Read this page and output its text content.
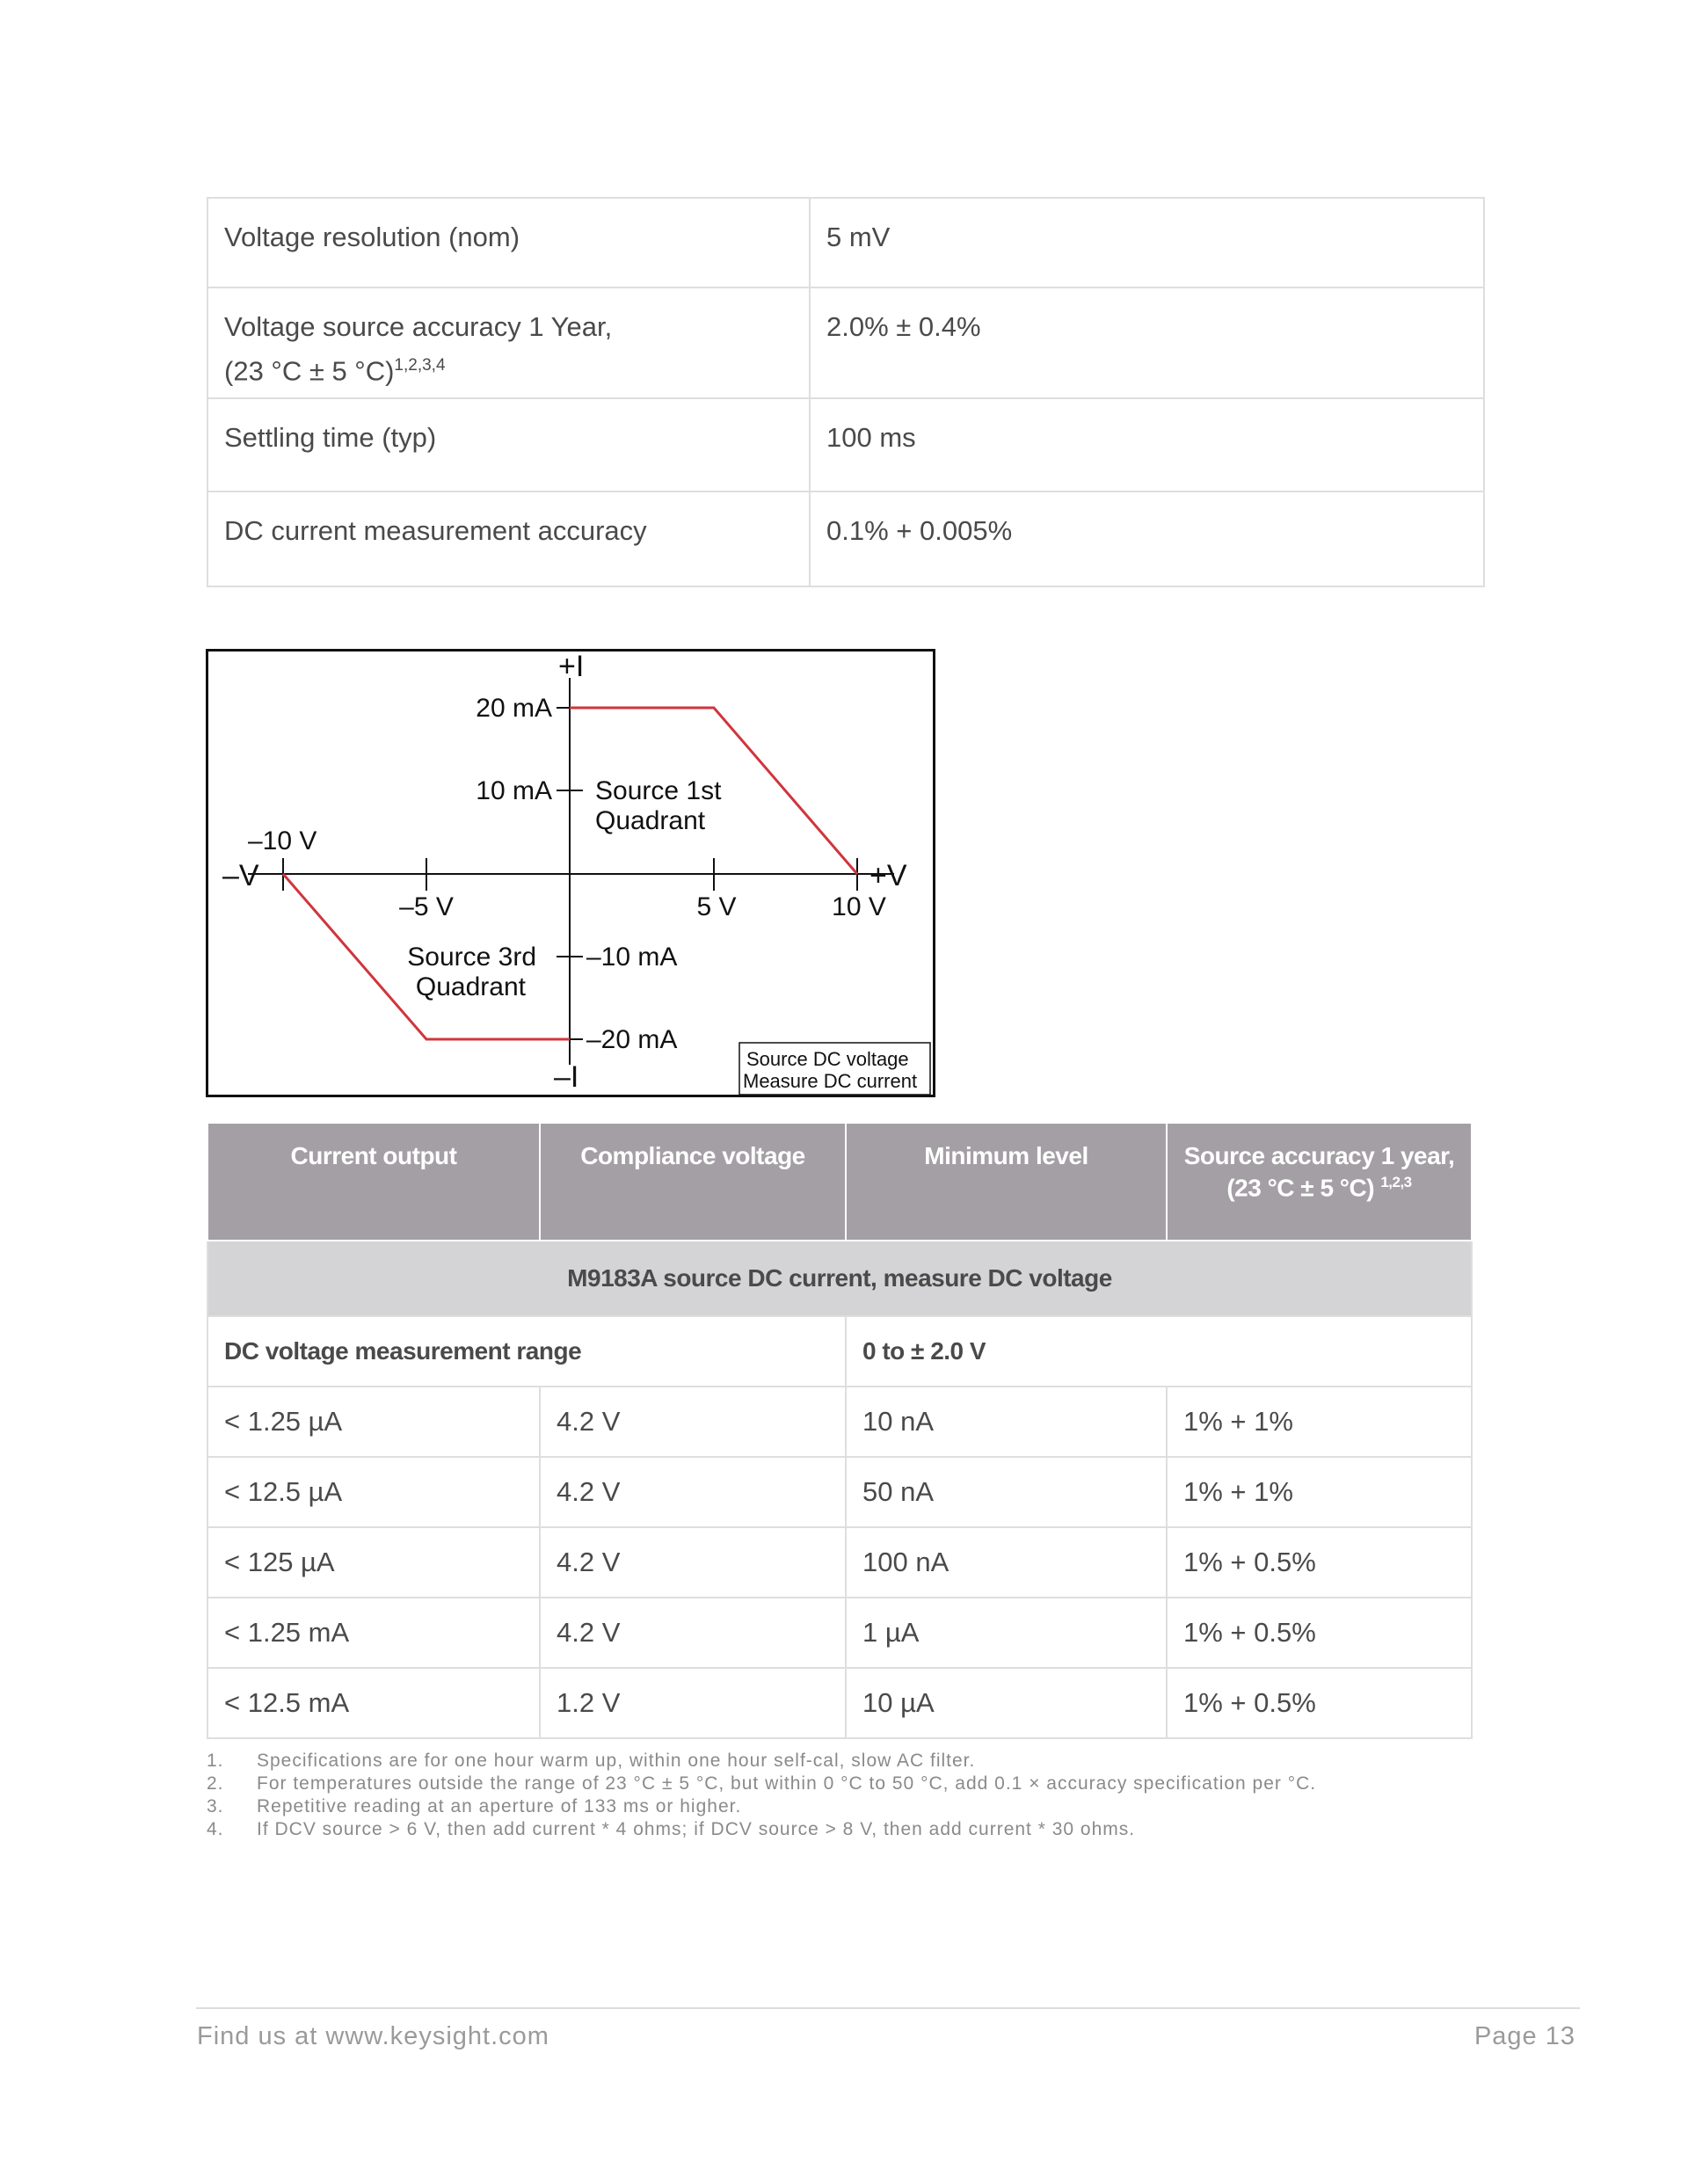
Voltage resolution (nom)	5 mV
Voltage source accuracy 1 Year,
(23 °C ± 5 °C)$^{1,2,3,4}$	2.0% ± 0.4%
Settling time (typ)	100 ms
DC current measurement accuracy	0.1% + 0.005%
+I
–I
–V	+V
20 mA
10 mA
–10 mA
–20 mA
–10 V
–5 V	5 V	10 V
Source 1st
Quadrant
Source 3rd
Quadrant
Source DC voltage
Measure DC current
Current output	Compliance voltage	Minimum level	Source accuracy 1 year,
(23 °C ± 5 °C) $^{1,2,3}$
M9183A source DC current, measure DC voltage			
DC voltage measurement range		0 to ± 2.0 V	
< 1.25 µA	4.2 V	10 nA	1% + 1%
< 12.5 µA	4.2 V	50 nA	1% + 1%
< 125 µA	4.2 V	100 nA	1% + 0.5%
< 1.25 mA	4.2 V	1 µA	1% + 0.5%
< 12.5 mA	1.2 V	10 µA	1% + 0.5%
1. Specifications are for one hour warm up, within one hour self-cal, slow AC filter.
2. For temperatures outside the range of 23 °C ± 5 °C, but within 0 °C to 50 °C, add 0.1 × accuracy specification per °C.
3. Repetitive reading at an aperture of 133 ms or higher.
4. If DCV source > 6 V, then add current * 4 ohms; if DCV source > 8 V, then add current * 30 ohms.
Find us at www.keysight.com	Page 13
